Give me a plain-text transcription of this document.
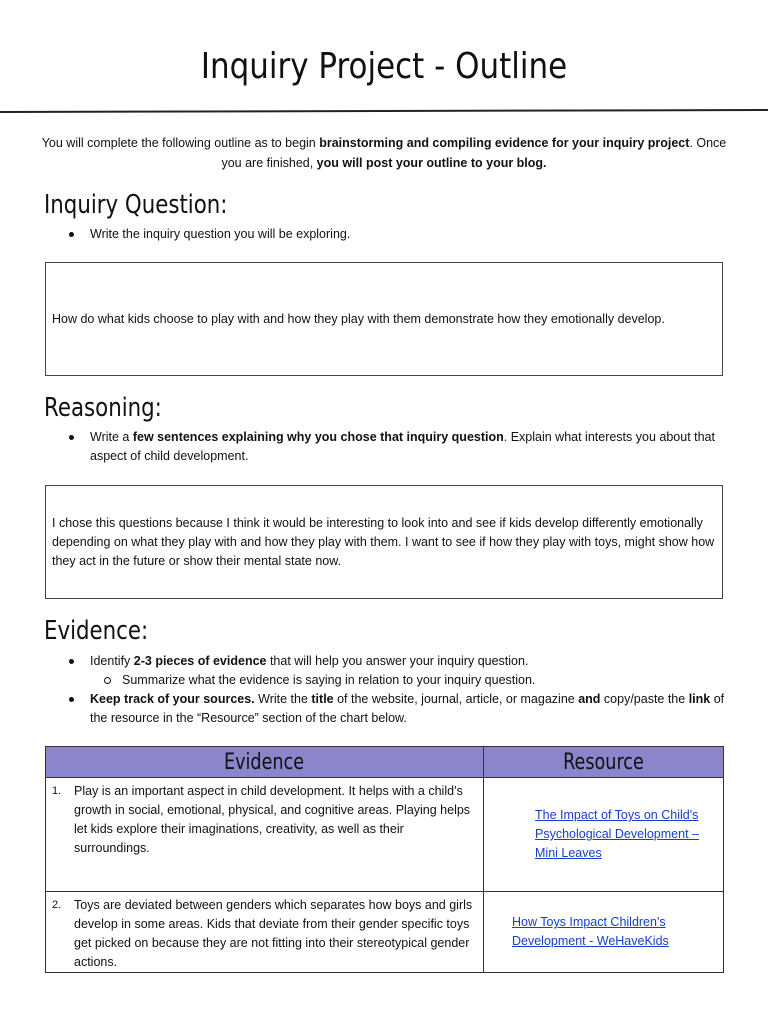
Inquiry Project - Outline
You will complete the following outline as to begin brainstorming and compiling evidence for your inquiry project. Once you are finished, you will post your outline to your blog.
Inquiry Question:
Write the inquiry question you will be exploring.
How do what kids choose to play with and how they play with them demonstrate how they emotionally develop.
Reasoning:
Write a few sentences explaining why you chose that inquiry question. Explain what interests you about that aspect of child development.
I chose this questions because I think it would be interesting to look into and see if kids develop differently emotionally depending on what they play with and how they play with them. I want to see if how they play with toys, might show how they act in the future or show their mental state now.
Evidence:
Identify 2-3 pieces of evidence that will help you answer your inquiry question.
Summarize what the evidence is saying in relation to your inquiry question.
Keep track of your sources. Write the title of the website, journal, article, or magazine and copy/paste the link of the resource in the “Resource” section of the chart below.
Evidence	Resource

1. Play is an important aspect in child development. It helps with a child’s growth in social, emotional, physical, and cognitive areas. Playing helps let kids explore their imaginations, creativity, as well as their surroundings.	The Impact of Toys on Child's Psychological Development – Mini Leaves

2. Toys are deviated between genders which separates how boys and girls develop in some areas. Kids that deviate from their gender specific toys get picked on because they are not fitting into their stereotypical gender actions.	How Toys Impact Children's Development - WeHaveKids
